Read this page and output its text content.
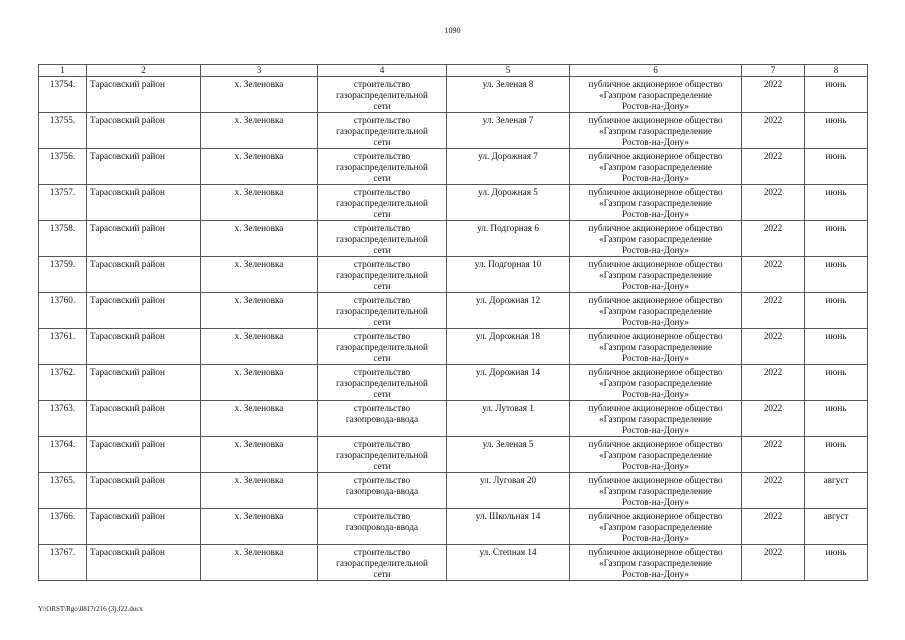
1090
1	2	3	4	5	6	7	8
13754.	Тарасовский район	х. Зеленовка	строительство
газораспределительной
сети	ул. Зеленая 8	публичное акционерное общество
«Газпром газораспределение
Ростов-на-Дону»	2022	июнь
13755.	Тарасовский район	х. Зеленовка	строительство
газораспределительной
сети	ул. Зеленая 7	публичное акционерное общество
«Газпром газораспределение
Ростов-на-Дону»	2022	июнь
13756.	Тарасовский район	х. Зеленовка	строительство
газораспределительной
сети	ул. Дорожная 7	публичное акционерное общество
«Газпром газораспределение
Ростов-на-Дону»	2022	июнь
13757.	Тарасовский район	х. Зеленовка	строительство
газораспределительной
сети	ул. Дорожная 5	публичное акционерное общество
«Газпром газораспределение
Ростов-на-Дону»	2022	июнь
13758.	Тарасовский район	х. Зеленовка	строительство
газораспределительной
сети	ул. Подгорная 6	публичное акционерное общество
«Газпром газораспределение
Ростов-на-Дону»	2022	июнь
13759.	Тарасовский район	х. Зеленовка	строительство
газораспределительной
сети	ул. Подгорная 10	публичное акционерное общество
«Газпром газораспределение
Ростов-на-Дону»	2022	июнь
13760.	Тарасовский район	х. Зеленовка	строительство
газораспределительной
сети	ул. Дорожная 12	публичное акционерное общество
«Газпром газораспределение
Ростов-на-Дону»	2022	июнь
13761.	Тарасовский район	х. Зеленовка	строительство
газораспределительной
сети	ул. Дорожная 18	публичное акционерное общество
«Газпром газораспределение
Ростов-на-Дону»	2022	июнь
13762.	Тарасовский район	х. Зеленовка	строительство
газораспределительной
сети	ул. Дорожная 14	публичное акционерное общество
«Газпром газораспределение
Ростов-на-Дону»	2022	июнь
13763.	Тарасовский район	х. Зеленовка	строительство
газопровода-ввода	ул. Лутовая 1	публичное акционерное общество
«Газпром газораспределение
Ростов-на-Дону»	2022	июнь
13764.	Тарасовский район	х. Зеленовка	строительство
газораспределительной
сети	ул. Зеленая 5	публичное акционерное общество
«Газпром газораспределение
Ростов-на-Дону»	2022	июнь
13765.	Тарасовский район	х. Зеленовка	строительство
газопровода-ввода	ул. Луговая 20	публичное акционерное общество
«Газпром газораспределение
Ростов-на-Дону»	2022	август
13766.	Тарасовский район	х. Зеленовка	строительство
газопровода-ввода	ул. Школьная 14	публичное акционерное общество
«Газпром газораспределение
Ростов-на-Дону»	2022	август
13767.	Тарасовский район	х. Зеленовка	строительство
газораспределительной
сети	ул. Степная 14	публичное акционерное общество
«Газпром газораспределение
Ростов-на-Дону»	2022	июнь
Y:\ORST\Rgo\0817r216 (3).f22.docx
